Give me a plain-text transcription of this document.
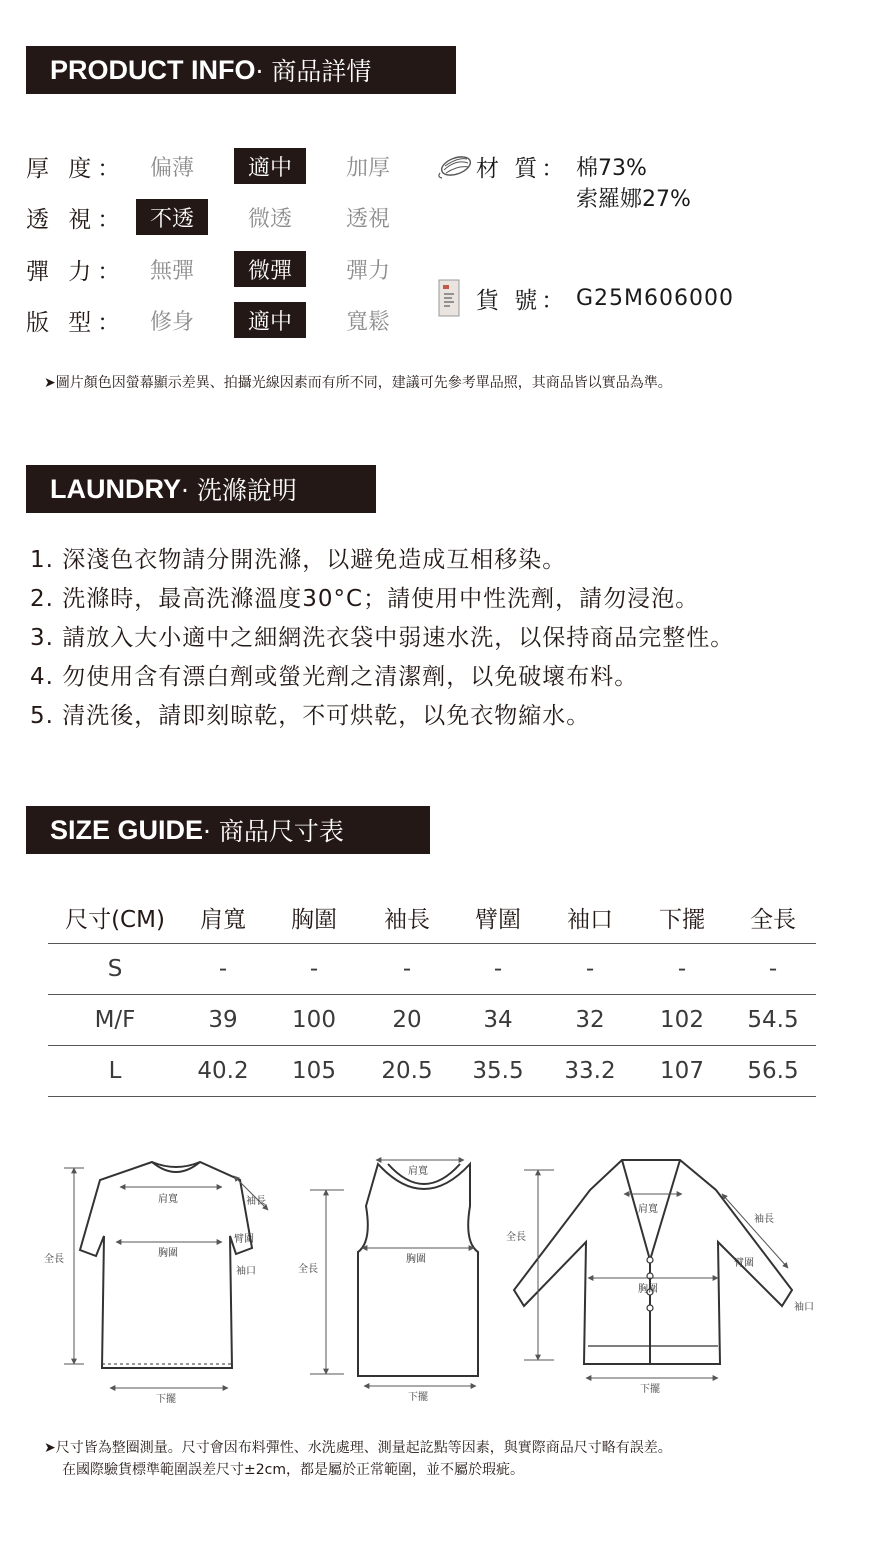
PRODUCT INFO · 商品詳情
厚 度：	偏薄	適中	加厚
透 視：	不透	微透	透視
彈 力：	無彈	微彈	彈力
版 型：	修身	適中	寬鬆
材 質： 棉73%
索羅娜27%
貨 號： G25M606000
➤圖片顏色因螢幕顯示差異、拍攝光線因素而有所不同，建議可先參考單品照，其商品皆以實品為準。
LAUNDRY · 洗滌說明
1. 深淺色衣物請分開洗滌，以避免造成互相移染。
2. 洗滌時，最高洗滌溫度30°C；請使用中性洗劑，請勿浸泡。
3. 請放入大小適中之細網洗衣袋中弱速水洗，以保持商品完整性。
4. 勿使用含有漂白劑或螢光劑之清潔劑，以免破壞布料。
5. 清洗後，請即刻晾乾，不可烘乾，以免衣物縮水。
SIZE GUIDE · 商品尺寸表
尺寸(CM)	肩寬	胸圍	袖長	臂圍	袖口	下擺	全長
S	-	-	-	-	-	-	-
M/F	39	100	20	34	32	102	54.5
L	40.2	105	20.5	35.5	33.2	107	56.5
肩寬
胸圍
全長
袖長
臂圍
袖口
下擺
肩寬
胸圍
全長
下擺
肩寬
胸圍
全長
袖長
臂圍
袖口
下擺
➤尺寸皆為整圈測量。尺寸會因布料彈性、水洗處理、測量起訖點等因素，與實際商品尺寸略有誤差。
在國際驗貨標準範圍誤差尺寸±2cm，都是屬於正常範圍，並不屬於瑕疵。
